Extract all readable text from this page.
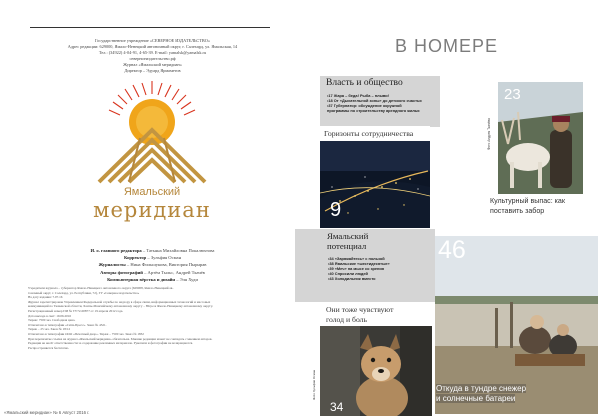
Государственное учреждение «СЕВЕРНОЕ ИЗДАТЕЛЬСТВО»
Адрес редакции: 629000, Ямало-Ненецкий автономный округ, г. Салехард, ул. Ямальская, 14
Тел.: (34922) 4-04-91, 4-65-39. E-mail: yamalsk@yamalsk.ru
северноеиздательство.рф
Журнал «Ямальский меридиан»
Директор – Эдуард Ярмаметов
Ямальский
меридиан
И. о. главного редактора – Татьяна Михайловна Покалюхтова
Корректор – Зульфия Осман
Журналисты – Нина Фильшукова, Виктория Пырнрав
Авторы фотографий – Артём Тыльс, Андрей Ткачёв
Компьютерная вёрстка и дизайн – Эля Худи
Учредители журнала – губернатор Ямало-Ненецкого автономного округа (629008, Ямало-Ненецкий ав-
тономный округ, г. Салехард, ул. Республики, 72), ГУ «Северное издательство»
На дату издания: 7.07.16
Журнал зарегистрирован Управлением Федеральной службы по надзору в сфере связи, информационных технологий и массовых
коммуникаций по Тюменской области, Ханты-Мансийскому автономному округу – Югре и Ямало-Ненецкому автономному округу.
Регистрационный номер ПИ № ТУ72-00877 от 19 апреля 2012 года.
Дата выхода в свет: 19.06.2016
Тираж: 7500 экз. Свободная цена.
Отпечатано в типографии «Сити-Пресс». Заказ № 4521.
Тираж – 25 экз. Заказ № 18/12
Отпечатано в типографии ООО «Печатный двор». Тираж – 7500 экз. Заказ № 1832
При перепечатке ссылка на журнал «Ямальский меридиан» обязательна. Мнение редакции может не совпадать с мнением авторов.
Редакция не несёт ответственности за содержание рекламных материалов. Рукописи и фотографии не возвращаются.
Распространяется бесплатно.
«Ямальский меридиан» № 6 Август 2016 г.
В НОМЕРЕ
Власть и общество
•17 Жара – беда! Рыба – плыви!
•18 От «Дыхательной зоны» до детского счастья
•37 Губернатор: обсуждение окружной
программы по строительству арендного жилья
23
Фото Андрея Ткачёва
Культурный выпас: как поставить забор
Горизонты сотрудничества
9
Ямальский
потенциал
•34 «Заряжайтесь» с пользой
•38 Ямальские «шестидесятые»
•39 «Меч» на мысе со зрения
•40 Спросили людей
•43 Холодильник вместо
Они тоже чувствуют
голод и боль
34
Фото Зульфии Осман
46
Откуда в тундре снежер
и солнечные батареи
